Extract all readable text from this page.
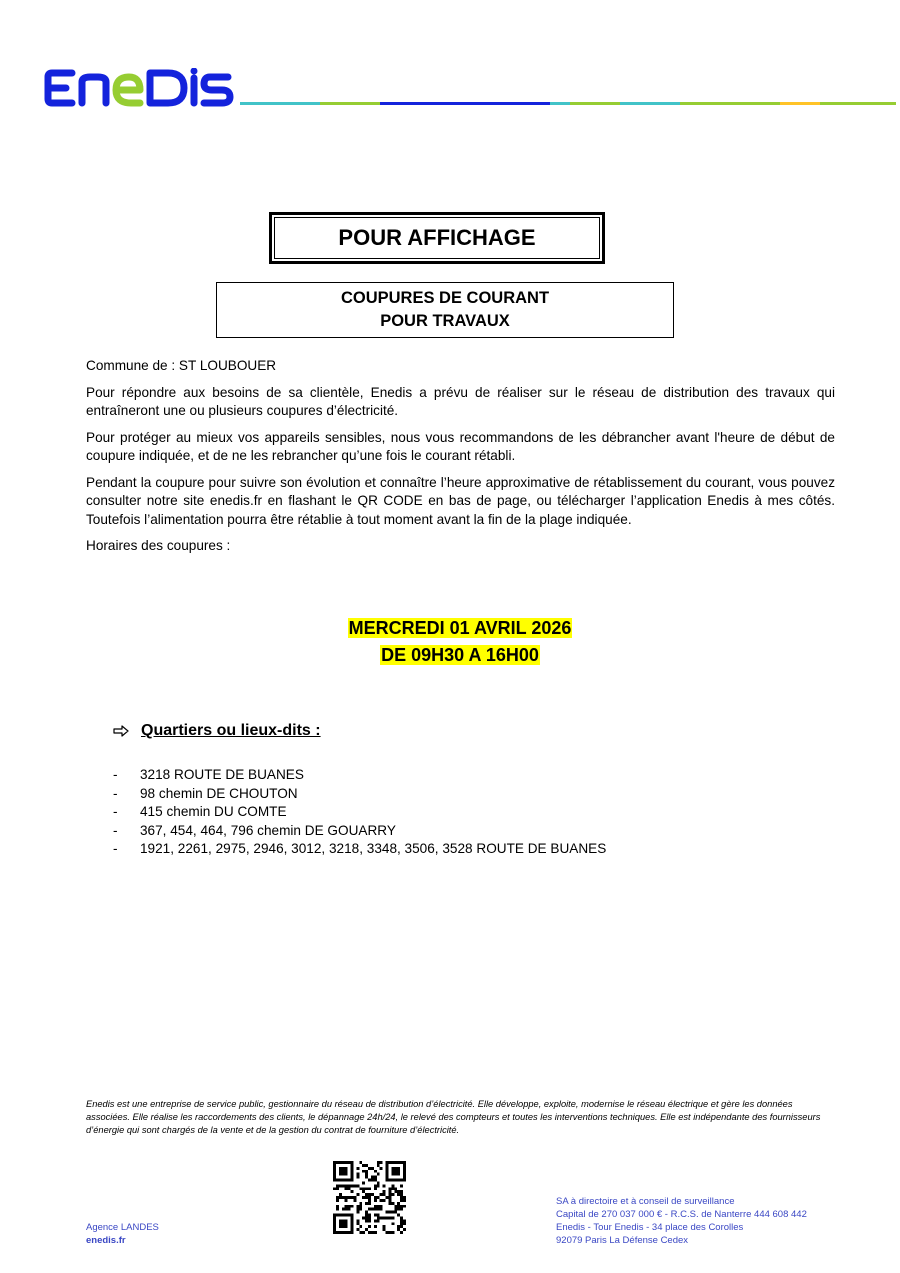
POUR AFFICHAGE
COUPURES DE COURANT
POUR TRAVAUX

Commune de : ST LOUBOUER

Pour répondre aux besoins de sa clientèle, Enedis a prévu de réaliser sur le réseau de distribution des travaux qui entraîneront une ou plusieurs coupures d’électricité.

Pour protéger au mieux vos appareils sensibles, nous vous recommandons de les débrancher avant l'heure de début de coupure indiquée, et de ne les rebrancher qu’une fois le courant rétabli.

Pendant la coupure pour suivre son évolution et connaître l’heure approximative de rétablissement du courant, vous pouvez consulter notre site enedis.fr en flashant le QR CODE en bas de page, ou télécharger l’application Enedis à mes côtés. Toutefois l’alimentation pourra être rétablie à tout moment avant la fin de la plage indiquée.

Horaires des coupures :

MERCREDI 01 AVRIL 2026
DE 09H30 A 16H00
Quartiers ou lieux-dits :
-	3218 ROUTE DE BUANES
-	98 chemin DE CHOUTON
-	415 chemin DU COMTE
-	367, 454, 464, 796 chemin DE GOUARRY
-	1921, 2261, 2975, 2946, 3012, 3218, 3348, 3506, 3528 ROUTE DE BUANES
Enedis est une entreprise de service public, gestionnaire du réseau de distribution d’électricité. Elle développe, exploite, modernise le réseau électrique et gère les données associées. Elle réalise les raccordements des clients, le dépannage 24h/24, le relevé des compteurs et toutes les interventions techniques. Elle est indépendante des fournisseurs d’énergie qui sont chargés de la vente et de la gestion du contrat de fourniture d’électricité.
Agence LANDES
enedis.fr
SA à directoire et à conseil de surveillance
Capital de 270 037 000 € - R.C.S. de Nanterre 444 608 442
Enedis - Tour Enedis - 34 place des Corolles
92079 Paris La Défense Cedex
